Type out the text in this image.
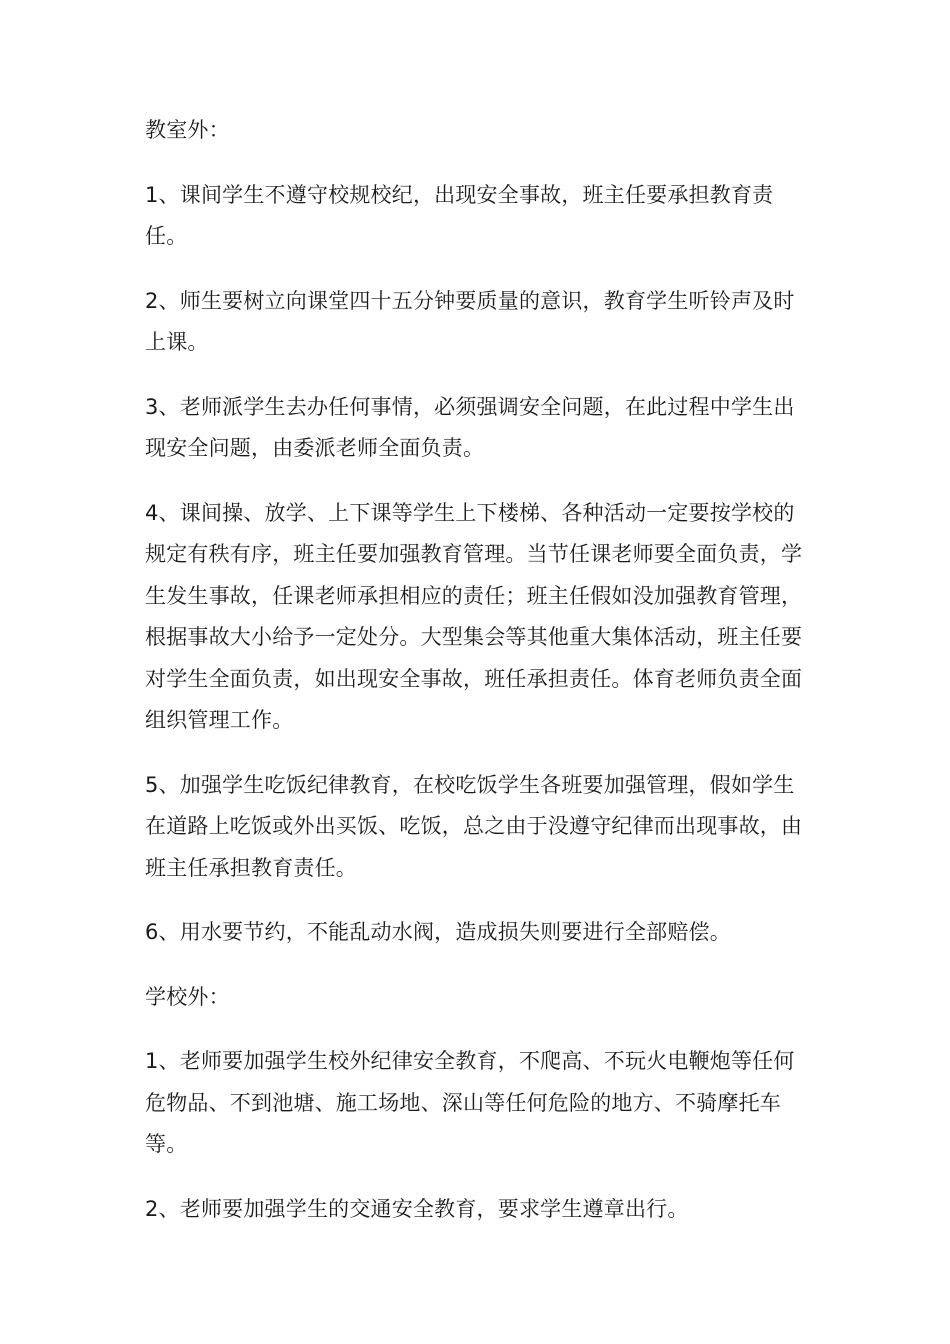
教室外：

1、课间学生不遵守校规校纪，出现安全事故，班主任要承担教育责任。

2、师生要树立向课堂四十五分钟要质量的意识，教育学生听铃声及时上课。

3、老师派学生去办任何事情，必须强调安全问题，在此过程中学生出现安全问题，由委派老师全面负责。

4、课间操、放学、上下课等学生上下楼梯、各种活动一定要按学校的规定有秩有序，班主任要加强教育管理。当节任课老师要全面负责，学生发生事故，任课老师承担相应的责任；班主任假如没加强教育管理，根据事故大小给予一定处分。大型集会等其他重大集体活动，班主任要对学生全面负责，如出现安全事故，班任承担责任。体育老师负责全面组织管理工作。

5、加强学生吃饭纪律教育，在校吃饭学生各班要加强管理，假如学生在道路上吃饭或外出买饭、吃饭，总之由于没遵守纪律而出现事故，由班主任承担教育责任。

6、用水要节约，不能乱动水阀，造成损失则要进行全部赔偿。

学校外：

1、老师要加强学生校外纪律安全教育，不爬高、不玩火电鞭炮等任何危物品、不到池塘、施工场地、深山等任何危险的地方、不骑摩托车等。

2、老师要加强学生的交通安全教育，要求学生遵章出行。
